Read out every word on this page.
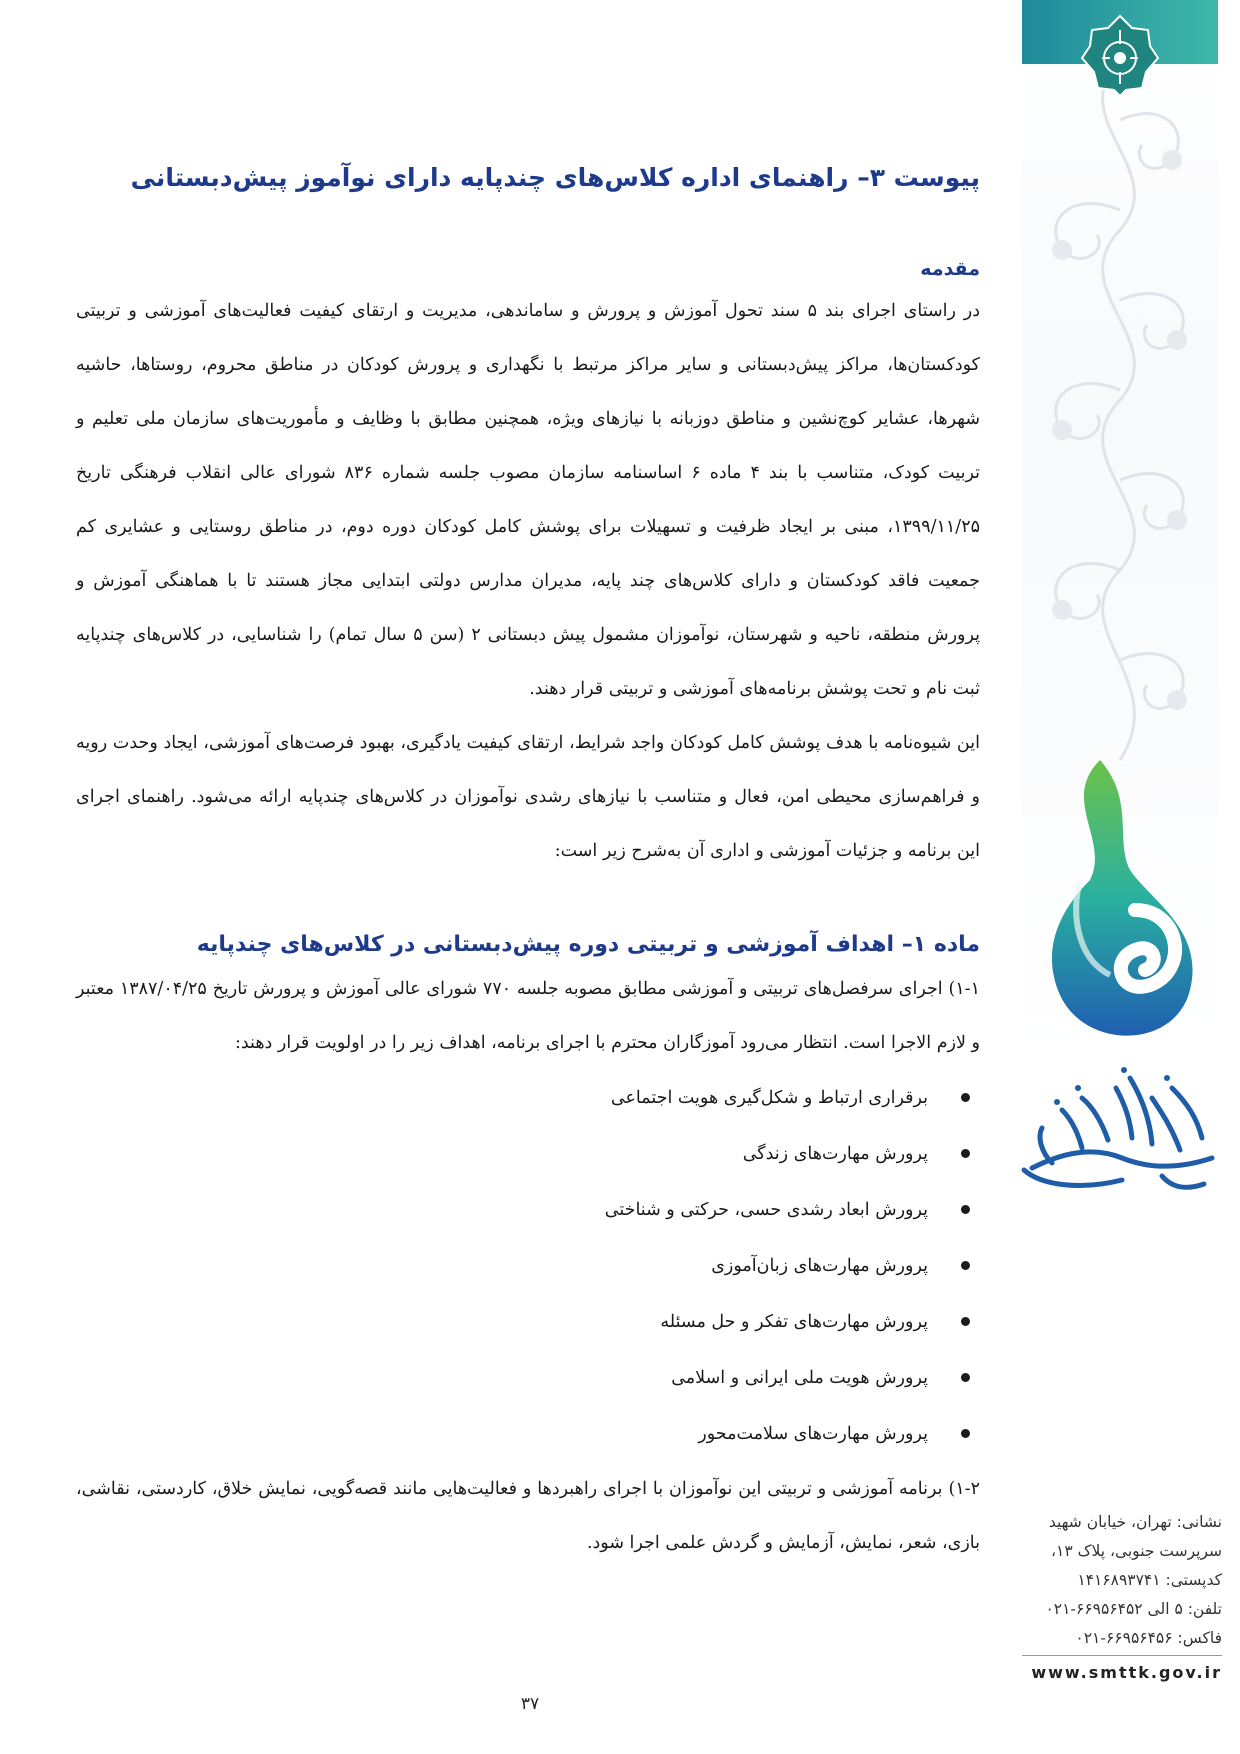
نشانی: تهران، خیابان شهید
سرپرست جنوبی، پلاک ۱۳،
کدپستی: ۱۴۱۶۸۹۳۷۴۱
تلفن: ۵ الی ۶۶۹۵۶۴۵۲-۰۲۱
فاکس: ۶۶۹۵۶۴۵۶-۰۲۱
www.smttk.gov.ir
پیوست ۳– راهنمای اداره کلاس‌های چندپایه دارای نوآموز پیش‌دبستانی
مقدمه

در راستای اجرای بند ۵ سند تحول آموزش و پرورش و ساماندهی، مدیریت و ارتقای کیفیت فعالیت‌های آموزشی و تربیتی کودکستان‌ها، مراکز پیش‌دبستانی و سایر مراکز مرتبط با نگهداری و پرورش کودکان در مناطق محروم، روستاها، حاشیه شهرها، عشایر کوچ‌نشین و مناطق دوزبانه با نیازهای ویژه، همچنین مطابق با وظایف و مأموریت‌های سازمان ملی تعلیم و تربیت کودک، متناسب با بند ۴ ماده ۶ اساسنامه سازمان مصوب جلسه شماره ۸۳۶ شورای عالی انقلاب فرهنگی تاریخ ۱۳۹۹/۱۱/۲۵، مبنی بر ایجاد ظرفیت و تسهیلات برای پوشش کامل کودکان دوره دوم، در مناطق روستایی و عشایری کم جمعیت فاقد کودکستان و دارای کلاس‌های چند پایه، مدیران مدارس دولتی ابتدایی مجاز هستند تا با هماهنگی آموزش و پرورش منطقه، ناحیه و شهرستان، نوآموزان مشمول پیش دبستانی ۲ (سن ۵ سال تمام) را شناسایی، در کلاس‌های چندپایه ثبت نام و تحت پوشش برنامه‌های آموزشی و تربیتی قرار دهند.

این شیوه‌نامه با هدف پوشش کامل کودکان واجد شرایط، ارتقای کیفیت یادگیری، بهبود فرصت‌های آموزشی، ایجاد وحدت رویه و فراهم‌سازی محیطی امن، فعال و متناسب با نیازهای رشدی نوآموزان در کلاس‌های چندپایه ارائه می‌شود. راهنمای اجرای این برنامه و جزئیات آموزشی و اداری آن به‌شرح زیر است:

ماده ۱– اهداف آموزشی و تربیتی دوره پیش‌دبستانی در کلاس‌های چندپایه

۱-۱) اجرای سرفصل‌های تربیتی و آموزشی مطابق مصوبه جلسه ۷۷۰ شورای عالی آموزش و پرورش تاریخ ۱۳۸۷/۰۴/۲۵ معتبر و لازم الاجرا است. انتظار می‌رود آموزگاران محترم با اجرای برنامه، اهداف زیر را در اولویت قرار دهند:

برقراری ارتباط و شکل‌گیری هویت اجتماعی
پرورش مهارت‌های زندگی
پرورش ابعاد رشدی حسی، حرکتی و شناختی
پرورش مهارت‌های زبان‌آموزی
پرورش مهارت‌های تفکر و حل مسئله
پرورش هویت ملی ایرانی و اسلامی
پرورش مهارت‌های سلامت‌محور

۱-۲) برنامه آموزشی و تربیتی این نوآموزان با اجرای راهبردها و فعالیت‌هایی مانند قصه‌گویی، نمایش خلاق، کاردستی، نقاشی، بازی، شعر، نمایش، آزمایش و گردش علمی اجرا شود.

۳۷
